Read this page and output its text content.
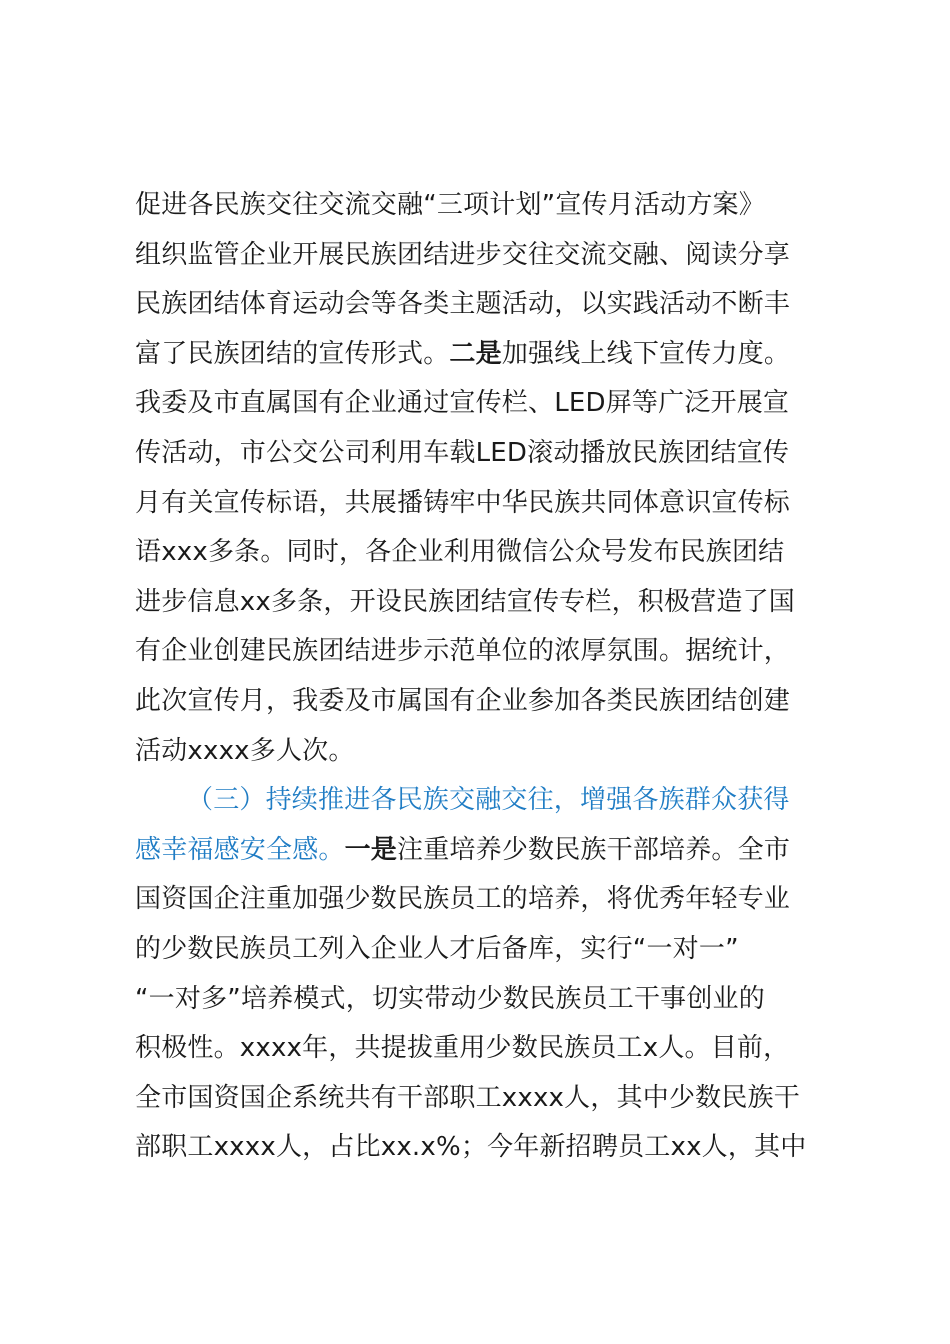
促进各民族交往交流交融“三项计划”宣传月活动方案》
组织监管企业开展民族团结进步交往交流交融、阅读分享
民族团结体育运动会等各类主题活动，以实践活动不断丰
富了民族团结的宣传形式。二是加强线上线下宣传力度。
我委及市直属国有企业通过宣传栏、LED屏等广泛开展宣
传活动，市公交公司利用车载LED滚动播放民族团结宣传
月有关宣传标语，共展播铸牢中华民族共同体意识宣传标
语xxx多条。同时，各企业利用微信公众号发布民族团结
进步信息xx多条，开设民族团结宣传专栏，积极营造了国
有企业创建民族团结进步示范单位的浓厚氛围。据统计，
此次宣传月，我委及市属国有企业参加各类民族团结创建
活动xxxx多人次。
（三）持续推进各民族交融交往，增强各族群众获得
感幸福感安全感。一是注重培养少数民族干部培养。全市
国资国企注重加强少数民族员工的培养，将优秀年轻专业
的少数民族员工列入企业人才后备库，实行“一对一”
“一对多”培养模式，切实带动少数民族员工干事创业的
积极性。xxxx年，共提拔重用少数民族员工x人。目前，
全市国资国企系统共有干部职工xxxx人，其中少数民族干
部职工xxxx人，占比xx.x%；今年新招聘员工xx人，其中
